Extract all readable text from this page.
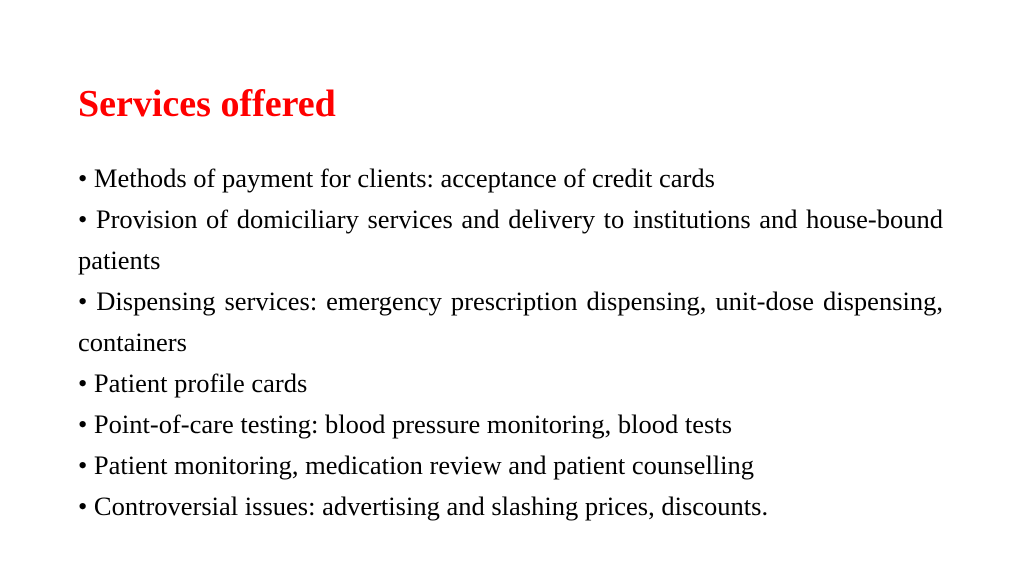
Services offered
• Methods of payment for clients: acceptance of credit cards
• Provision of domiciliary services and delivery to institutions and house-bound patients
• Dispensing services: emergency prescription dispensing, unit-dose dispensing, containers
• Patient profile cards
• Point-of-care testing: blood pressure monitoring, blood tests
• Patient monitoring, medication review and patient counselling
• Controversial issues: advertising and slashing prices, discounts.
